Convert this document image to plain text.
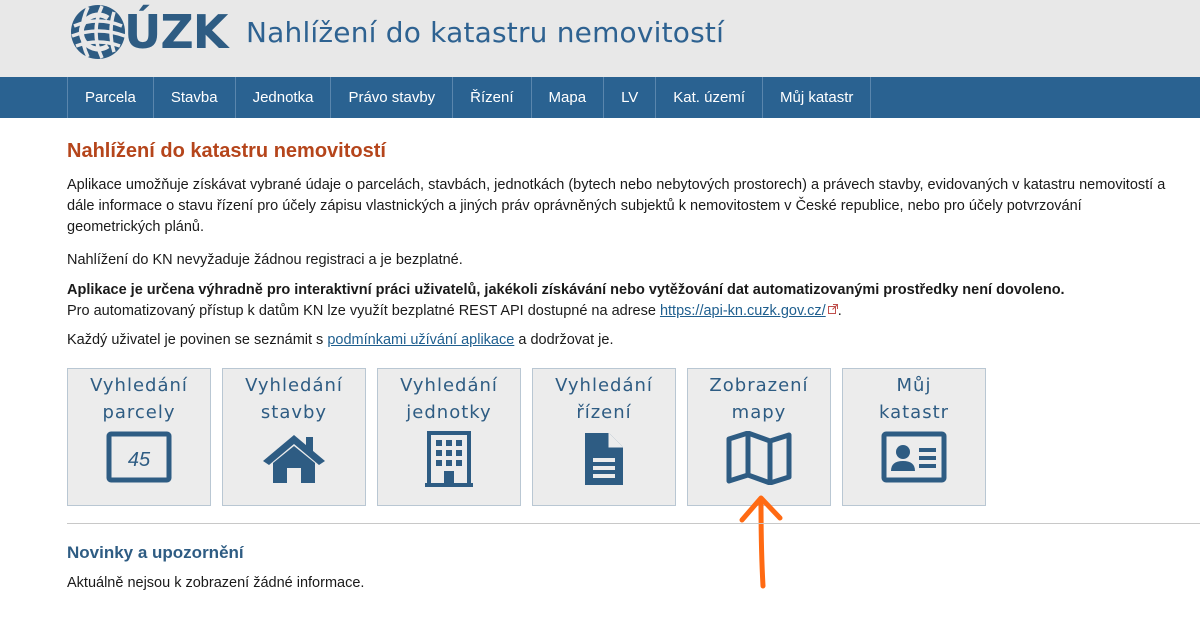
ÚZK Nahlížení do katastru nemovitostí
Parcela	Stavba	Jednotka	Právo stavby	Řízení	Mapa	LV	Kat. území	Můj katastr
Nahlížení do katastru nemovitostí

Aplikace umožňuje získávat vybrané údaje o parcelách, stavbách, jednotkách (bytech nebo nebytových prostorech) a právech stavby, evidovaných v katastru nemovitostí a dále informace o stavu řízení pro účely zápisu vlastnických a jiných práv oprávněných subjektů k nemovitostem v České republice, nebo pro účely potvrzování geometrických plánů.

Nahlížení do KN nevyžaduje žádnou registraci a je bezplatné.

Aplikace je určena výhradně pro interaktivní práci uživatelů, jakékoli získávání nebo vytěžování dat automatizovanými prostředky není dovoleno.
Pro automatizovaný přístup k datům KN lze využít bezplatné REST API dostupné na adrese https://api-kn.cuzk.gov.cz/ .

Každý uživatel je povinen se seznámit s podmínkami užívání aplikace a dodržovat je.

Vyhledání
parcely
45
Vyhledání
stavby
Vyhledání
jednotky
Vyhledání
řízení
Zobrazení
mapy
Můj
katastr
Novinky a upozornění
Aktuálně nejsou k zobrazení žádné informace.
